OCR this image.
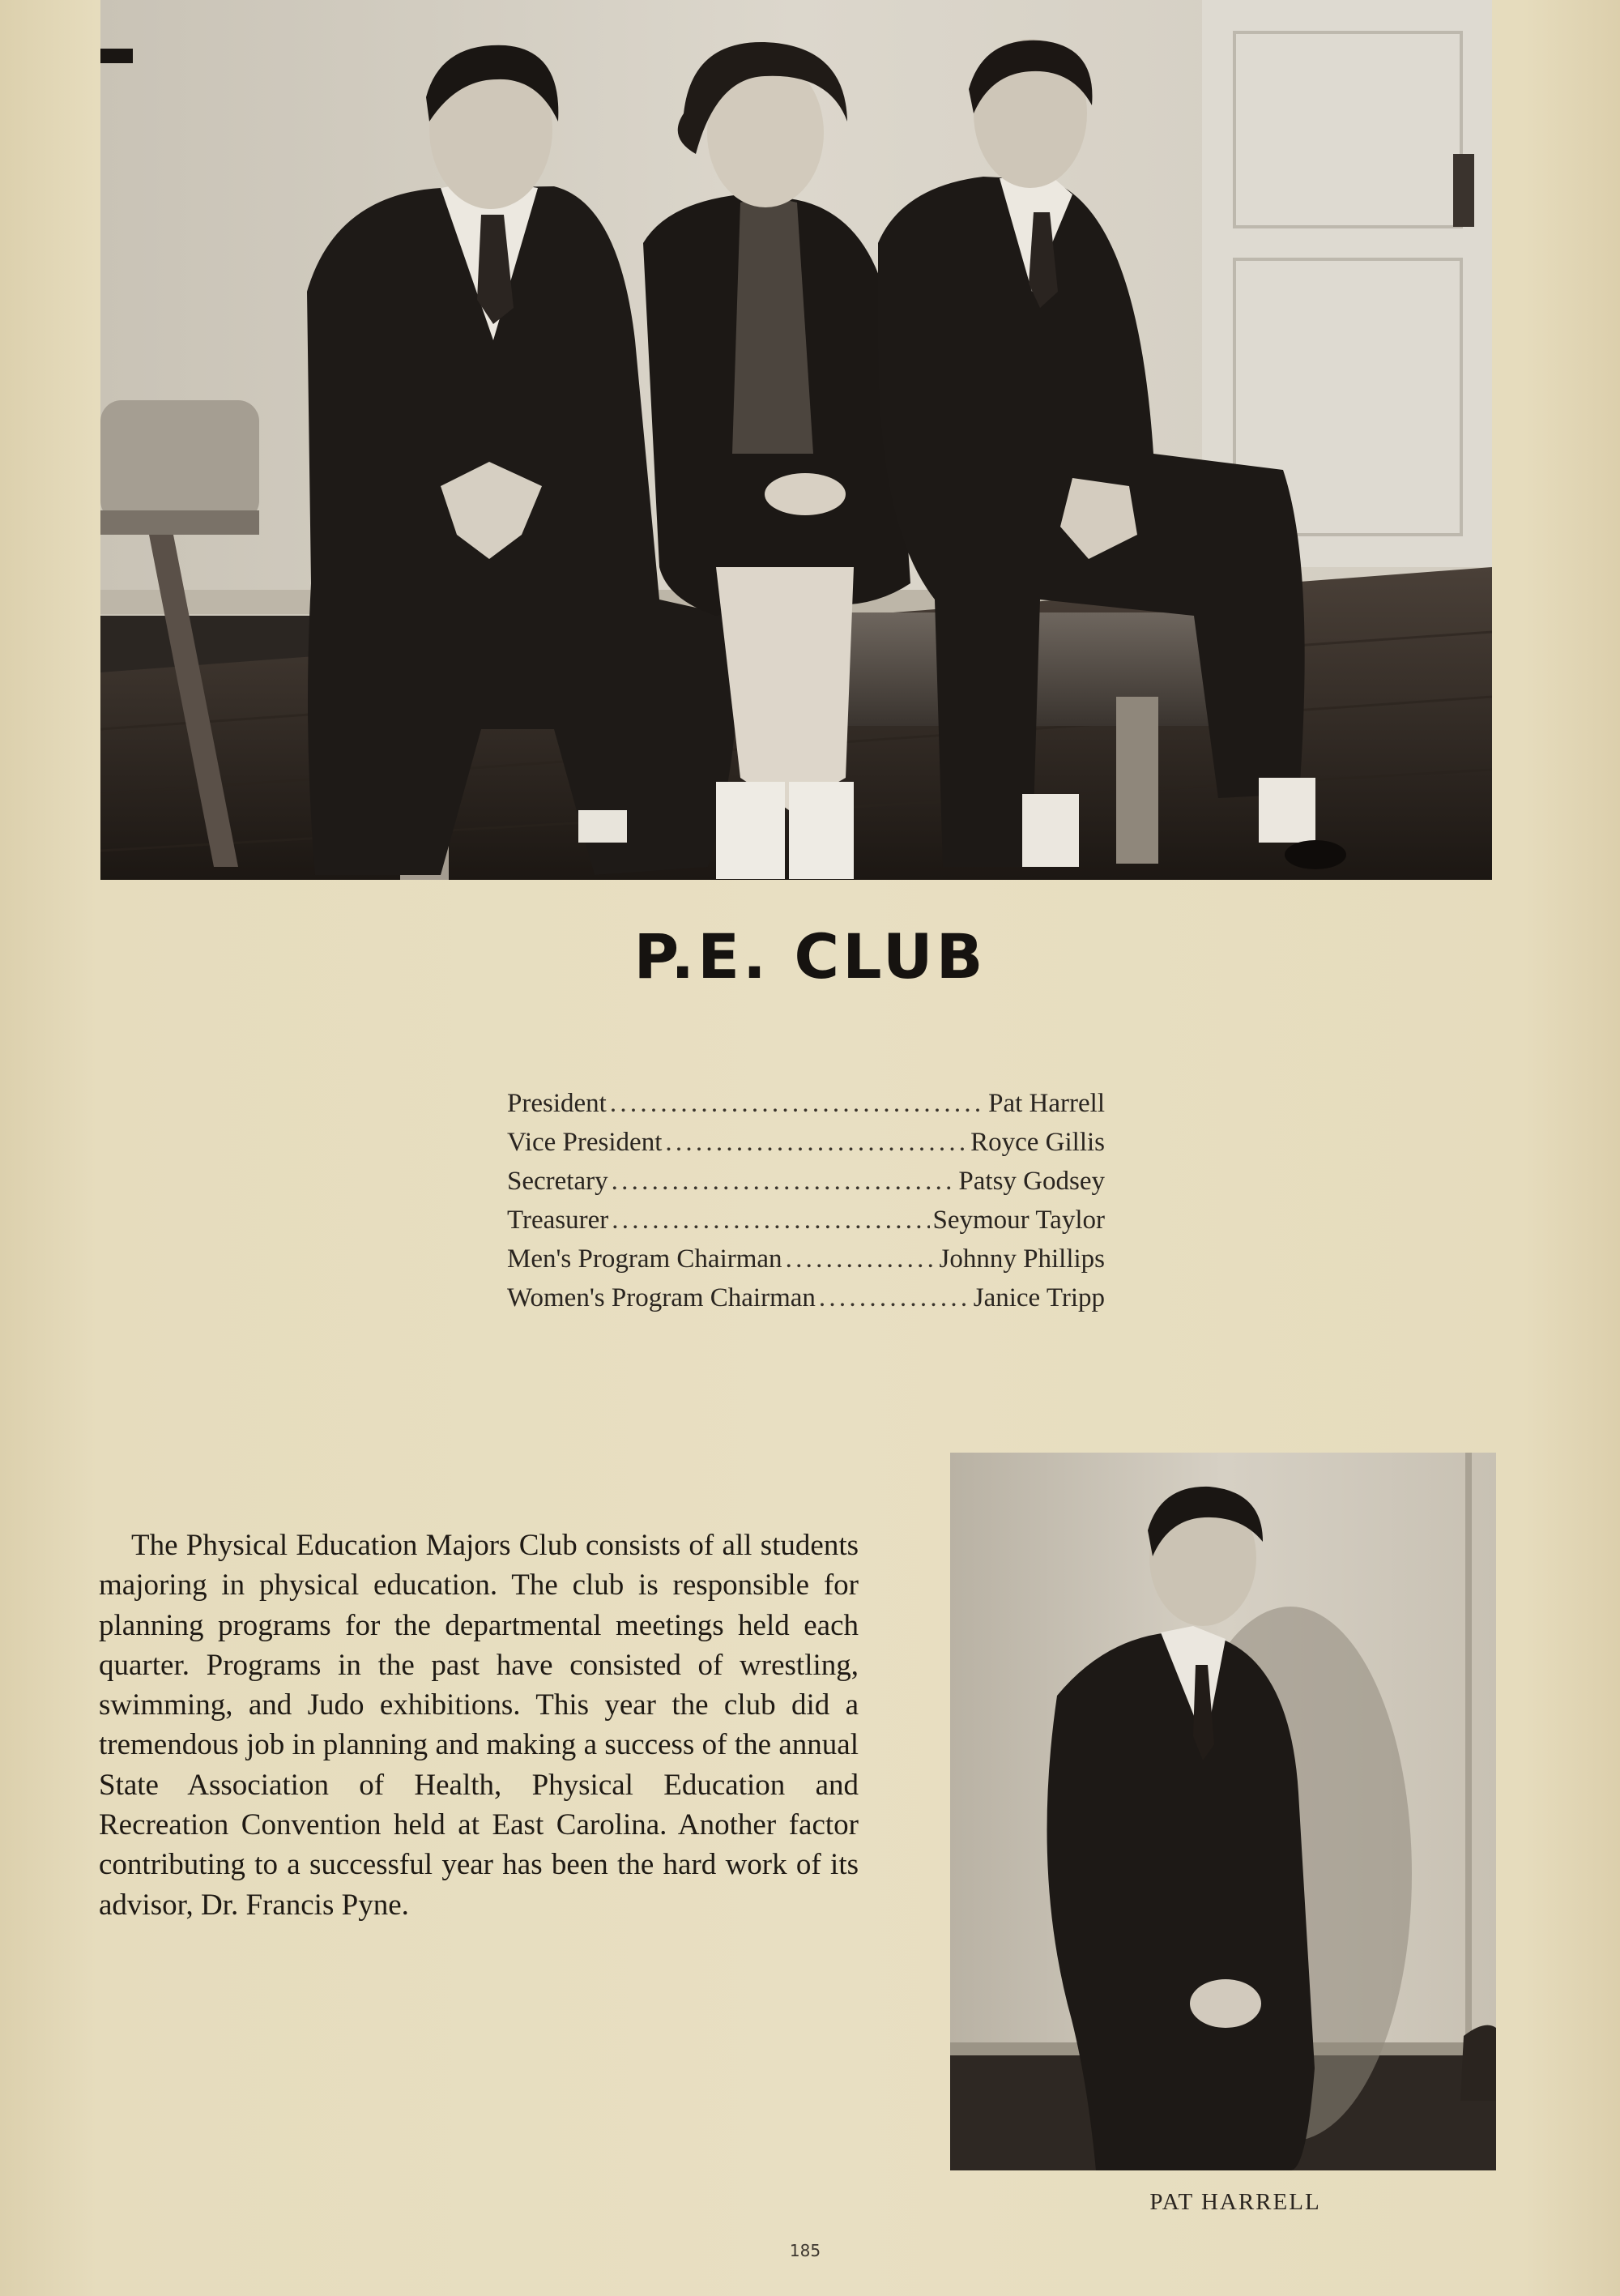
P.E. CLUB
President . . .	Pat Harrell
Vice President . . .	Royce Gillis
Secretary . . .	Patsy Godsey
Treasurer . . .	Seymour Taylor
Men's Program Chairman . . .	Johnny Phillips
Women's Program Chairman . . .	Janice Tripp

The Physical Education Majors Club consists of all students majoring in physical education. The club is responsible for planning programs for the departmental meetings held each quarter. Programs in the past have consisted of wrestling, swimming, and Judo exhibitions. This year the club did a tremendous job in planning and making a success of the annual State Association of Health, Physical Education and Recreation Convention held at East Carolina. Another factor contributing to a successful year has been the hard work of its advisor, Dr. Francis Pyne.

PAT HARRELL
185
